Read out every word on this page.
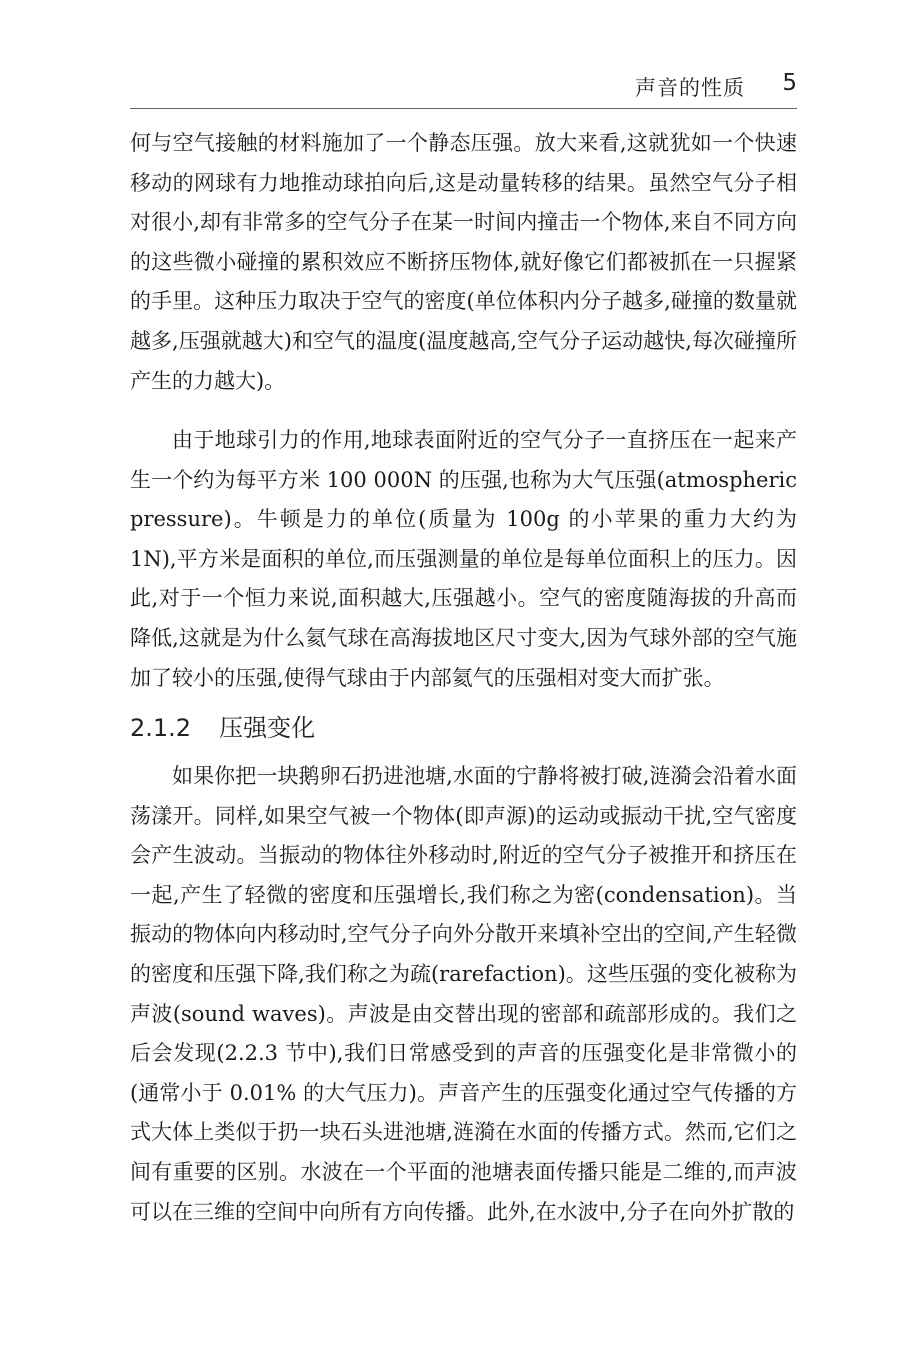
声音的性质 5

何与空气接触的材料施加了一个静态压强。放大来看,这就犹如一个快速移动的网球有力地推动球拍向后,这是动量转移的结果。虽然空气分子相对很小,却有非常多的空气分子在某一时间内撞击一个物体,来自不同方向的这些微小碰撞的累积效应不断挤压物体,就好像它们都被抓在一只握紧的手里。这种压力取决于空气的密度(单位体积内分子越多,碰撞的数量就越多,压强就越大)和空气的温度(温度越高,空气分子运动越快,每次碰撞所产生的力越大)。

由于地球引力的作用,地球表面附近的空气分子一直挤压在一起来产生一个约为每平方米 100 000N 的压强,也称为大气压强(atmospheric pressure)。牛顿是力的单位(质量为 100g 的小苹果的重力大约为 1N),平方米是面积的单位,而压强测量的单位是每单位面积上的压力。因此,对于一个恒力来说,面积越大,压强越小。空气的密度随海拔的升高而降低,这就是为什么氦气球在高海拔地区尺寸变大,因为气球外部的空气施加了较小的压强,使得气球由于内部氦气的压强相对变大而扩张。

2.1.2 压强变化

如果你把一块鹅卵石扔进池塘,水面的宁静将被打破,涟漪会沿着水面荡漾开。同样,如果空气被一个物体(即声源)的运动或振动干扰,空气密度会产生波动。当振动的物体往外移动时,附近的空气分子被推开和挤压在一起,产生了轻微的密度和压强增长,我们称之为密(condensation)。当振动的物体向内移动时,空气分子向外分散开来填补空出的空间,产生轻微的密度和压强下降,我们称之为疏(rarefaction)。这些压强的变化被称为声波(sound waves)。声波是由交替出现的密部和疏部形成的。我们之后会发现(2.2.3 节中),我们日常感受到的声音的压强变化是非常微小的(通常小于 0.01% 的大气压力)。声音产生的压强变化通过空气传播的方式大体上类似于扔一块石头进池塘,涟漪在水面的传播方式。然而,它们之间有重要的区别。水波在一个平面的池塘表面传播只能是二维的,而声波可以在三维的空间中向所有方向传播。此外,在水波中,分子在向外扩散的
